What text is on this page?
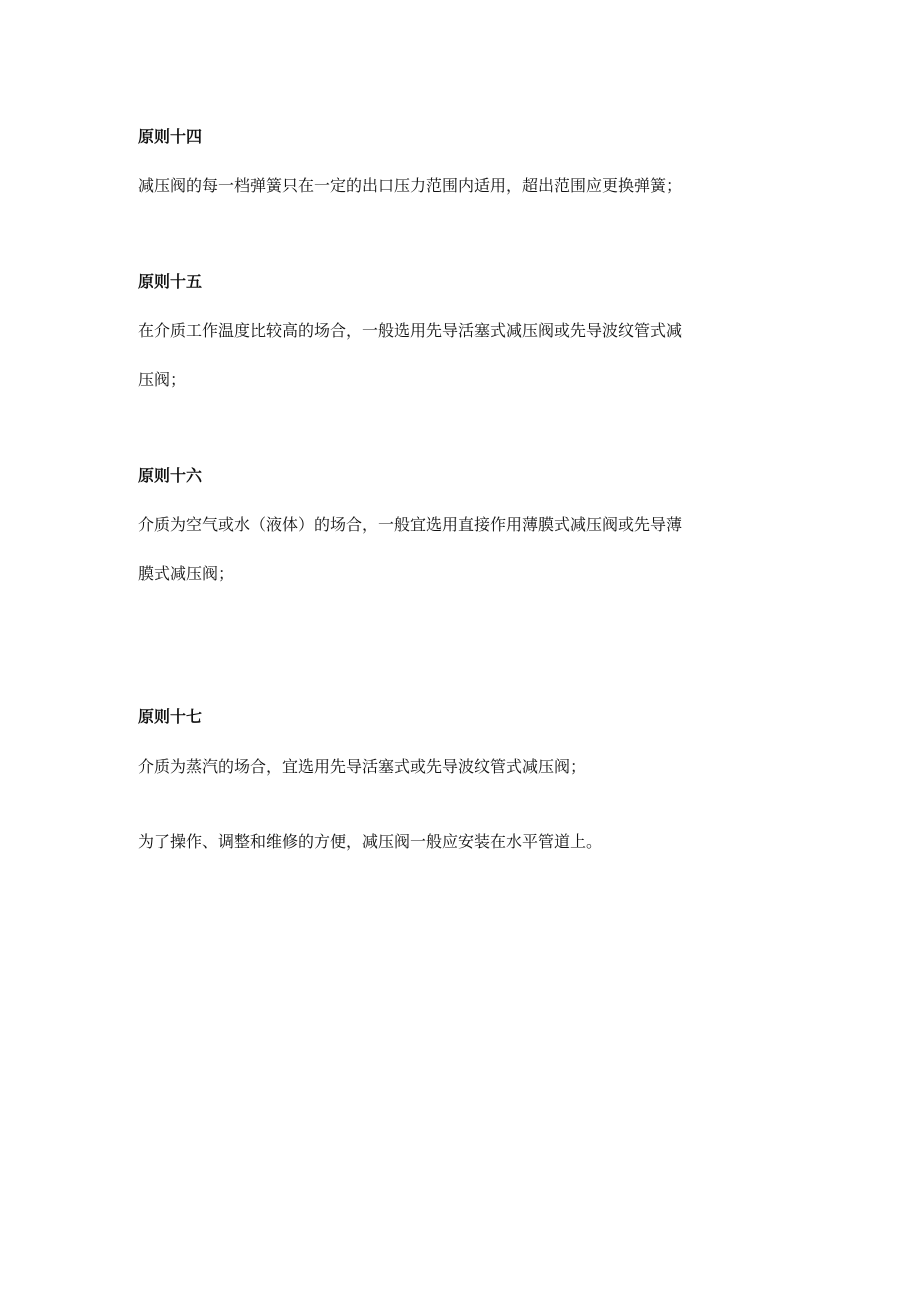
原则十四
减压阀的每一档弹簧只在一定的出口压力范围内适用，超出范围应更换弹簧；
原则十五
在介质工作温度比较高的场合，一般选用先导活塞式减压阀或先导波纹管式减
压阀；
原则十六
介质为空气或水（液体）的场合，一般宜选用直接作用薄膜式减压阀或先导薄
膜式减压阀；
原则十七
介质为蒸汽的场合，宜选用先导活塞式或先导波纹管式减压阀；
为了操作、调整和维修的方便，减压阀一般应安装在水平管道上。
